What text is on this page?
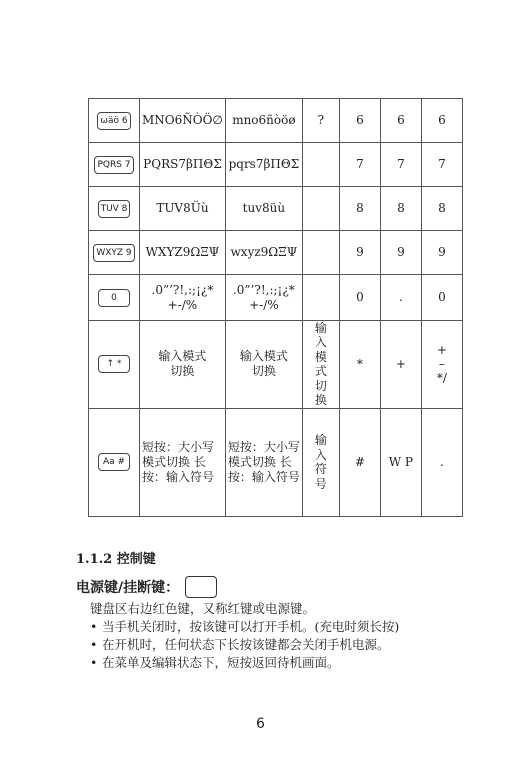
ωäö 6	MNO6ÑÒÖ∅	mno6ñòöø	?	6	6	6
PQRS 7	PQRS7βΠΘΣ	pqrs7βΠΘΣ		7	7	7
TUV 8	TUV8Üù	tuv8üù		8	8	8
WXYZ 9	WXYZ9ΩΞΨ	wxyz9ΩΞΨ		9	9	9
0	.0”’?!,:;¡¿* +-/%	.0”’?!,:;¡¿* +-/%		0	.	0
↑ *	输入模式切换	输入模式切换	输入模式切换	*	+	+–*/
Aa #	短按：大小写模式切换 长按：输入符号	短按：大小写模式切换 长按：输入符号	输入符号	#	W P	.
1.1.2 控制键
电源键/挂断键：
键盘区右边红色键，又称红键或电源键。
• 当手机关闭时，按该键可以打开手机。(充电时须长按)
• 在开机时，任何状态下长按该键都会关闭手机电源。
• 在菜单及编辑状态下，短按返回待机画面。
6
